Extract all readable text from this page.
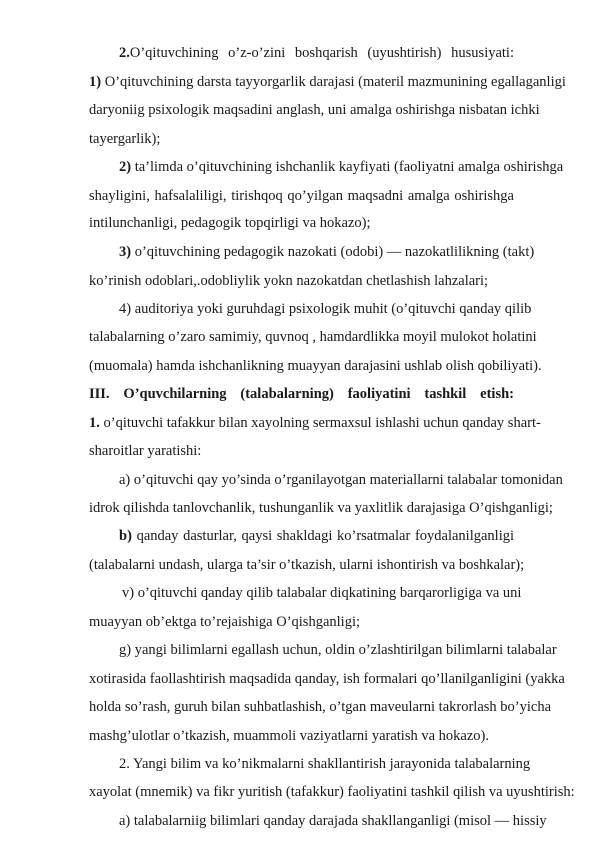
2.O’qituvchining o’z-o’zini boshqarish (uyushtirish) hususiyati:
1) O’qituvchining darsta tayyorgarlik darajasi (materil mazmunining egallaganligi
daryoniig psixologik maqsadini anglash, uni amalga oshirishga nisbatan ichki
tayergarlik);
2) ta’limda o’qituvchining ishchanlik kayfiyati (faoliyatni amalga oshirishga
shayligini, hafsalaliligi, tirishqoq qo’yilgan maqsadni amalga oshirishga
intilunchanligi, pedagogik topqirligi va hokazo);
3) o’qituvchining pedagogik nazokati (odobi) — nazokatlilikning (takt)
ko’rinish odoblari,.odobliylik yokn nazokatdan chetlashish lahzalari;
4) auditoriya yoki guruhdagi psixologik muhit (o’qituvchi qanday qilib
talabalarning o’zaro samimiy, quvnoq , hamdardlikka moyil mulokot holatini
(muomala) hamda ishchanlikning muayyan darajasini ushlab olish qobiliyati).
III. O’quvchilarning (talabalarning) faoliyatini tashkil etish:
1. o’qituvchi tafakkur bilan xayolning sermaxsul ishlashi uchun qanday shart-
sharoitlar yaratishi:
a) o’qituvchi qay yo’sinda o’rganilayotgan materiallarni talabalar tomonidan
idrok qilishda tanlovchanlik, tushunganlik va yaxlitlik darajasiga O’qishganligi;
b) qanday dasturlar, qaysi shakldagi ko’rsatmalar foydalanilganligi
(talabalarni undash, ularga ta’sir o’tkazish, ularni ishontirish va boshkalar);
v) o’qituvchi qanday qilib talabalar diqkatining barqarorligiga va uni
muayyan ob’ektga to’rejaishiga O’qishganligi;
g) yangi bilimlarni egallash uchun, oldin o’zlashtirilgan bilimlarni talabalar
xotirasida faollashtirish maqsadida qanday, ish formalari qo’llanilganligini (yakka
holda so’rash, guruh bilan suhbatlashish, o’tgan maveularni takrorlash bo’yicha
mashg’ulotlar o’tkazish, muammoli vaziyatlarni yaratish va hokazo).
2. Yangi bilim va ko’nikmalarni shakllantirish jarayonida talabalarning
xayolat (mnemik) va fikr yuritish (tafakkur) faoliyatini tashkil qilish va uyushtirish:
a) talabalarniig bilimlari qanday darajada shakllanganligi (misol — hissiy
